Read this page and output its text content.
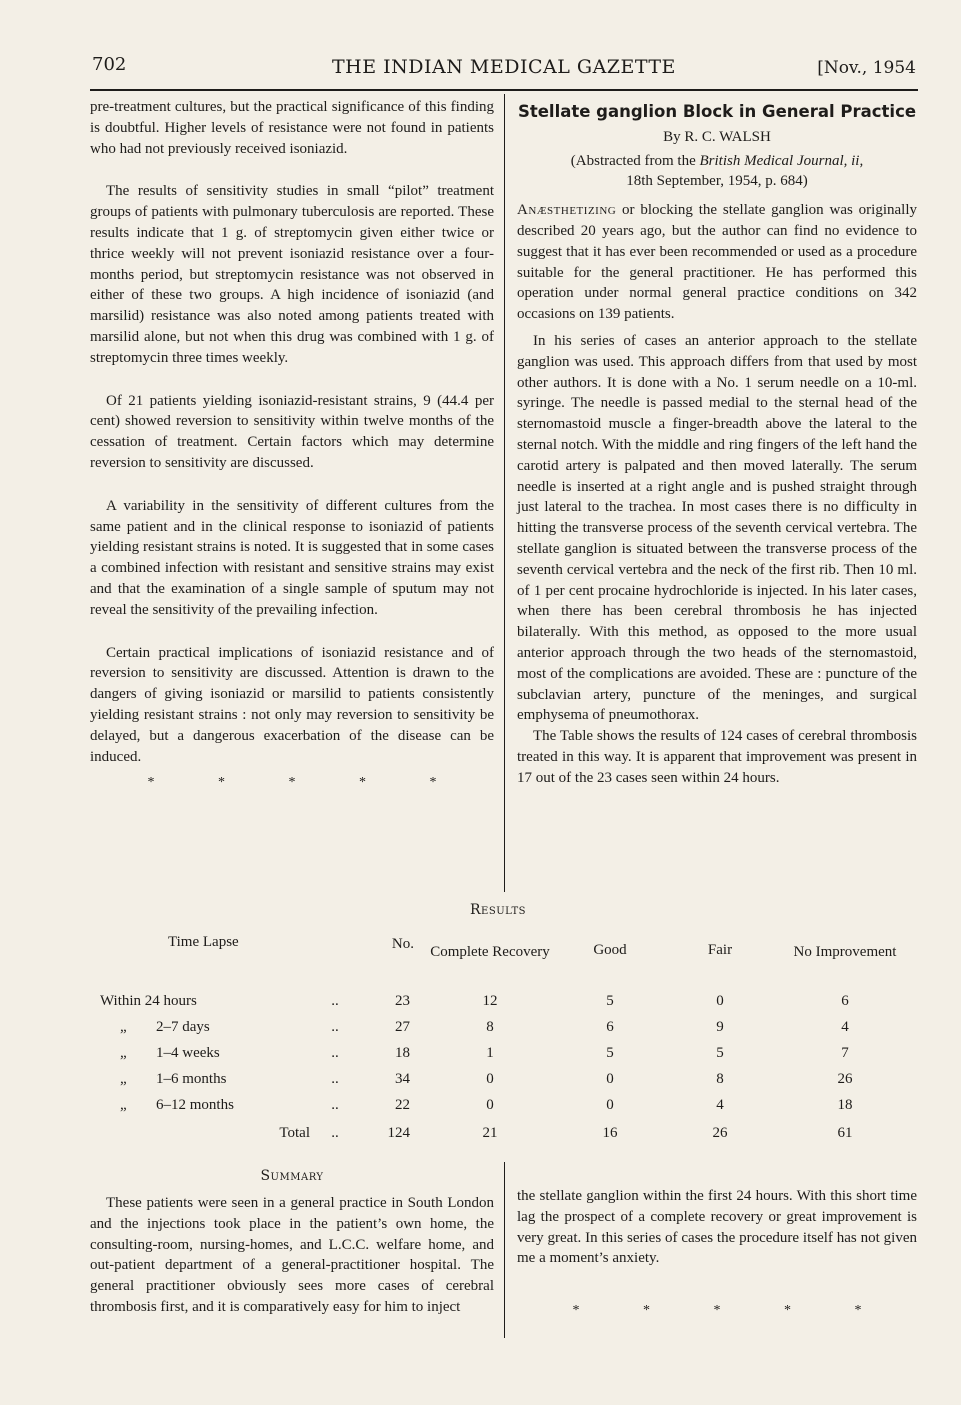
702	THE INDIAN MEDICAL GAZETTE	[Nov., 1954

pre-treatment cultures, but the practical significance of this finding is doubtful. Higher levels of resistance were not found in patients who had not previously received isoniazid.

The results of sensitivity studies in small “pilot” treatment groups of patients with pulmonary tuberculosis are reported. These results indicate that 1 g. of streptomycin given either twice or thrice weekly will not prevent isoniazid resistance over a four-months period, but streptomycin resistance was not observed in either of these two groups. A high incidence of isoniazid (and marsilid) resistance was also noted among patients treated with marsilid alone, but not when this drug was combined with 1 g. of streptomycin three times weekly.

Of 21 patients yielding isoniazid-resistant strains, 9 (44.4 per cent) showed reversion to sensitivity within twelve months of the cessation of treatment. Certain factors which may determine reversion to sensitivity are discussed.

A variability in the sensitivity of different cultures from the same patient and in the clinical response to isoniazid of patients yielding resistant strains is noted. It is suggested that in some cases a combined infection with resistant and sensitive strains may exist and that the examination of a single sample of sputum may not reveal the sensitivity of the prevailing infection.

Certain practical implications of isoniazid resistance and of reversion to sensitivity are discussed. Attention is drawn to the dangers of giving isoniazid or marsilid to patients consistently yielding resistant strains : not only may reversion to sensitivity be delayed, but a dangerous exacerbation of the disease can be induced.

* * * * *

Stellate ganglion Block in General Practice
By R. C. WALSH
(Abstracted from the British Medical Journal, ii,
18th September, 1954, p. 684)

Anæsthetizing or blocking the stellate ganglion was originally described 20 years ago, but the author can find no evidence to suggest that it has ever been recommended or used as a procedure suitable for the general practitioner. He has performed this operation under normal general practice conditions on 342 occasions on 139 patients.

In his series of cases an anterior approach to the stellate ganglion was used. This approach differs from that used by most other authors. It is done with a No. 1 serum needle on a 10-ml. syringe. The needle is passed medial to the sternal head of the sternomastoid muscle a finger-breadth above the lateral to the sternal notch. With the middle and ring fingers of the left hand the carotid artery is palpated and then moved laterally. The serum needle is inserted at a right angle and is pushed straight through just lateral to the trachea. In most cases there is no difficulty in hitting the transverse process of the seventh cervical vertebra. The stellate ganglion is situated between the transverse process of the seventh cervical vertebra and the neck of the first rib. Then 10 ml. of 1 per cent procaine hydrochloride is injected. In his later cases, when there has been cerebral thrombosis he has injected bilaterally. With this method, as opposed to the more usual anterior approach through the two heads of the sternomastoid, most of the complications are avoided. These are : puncture of the subclavian artery, puncture of the meninges, and surgical emphysema of pneumothorax.

The Table shows the results of 124 cases of cerebral thrombosis treated in this way. It is apparent that improvement was present in 17 out of the 23 cases seen within 24 hours.

Results
Time Lapse		No.	Complete Recovery	Good	Fair	No Improvement
Within 24 hours	..	23	12	5	0	6
„ 2–7 days	..	27	8	6	9	4
„ 1–4 weeks	..	18	1	5	5	7
„ 1–6 months	..	34	0	0	8	26
„ 6–12 months	..	22	0	0	4	18
Total	..	124	21	16	26	61
Summary

These patients were seen in a general practice in South London and the injections took place in the patient’s own home, the consulting-room, nursing-homes, and L.C.C. welfare home, and out-patient department of a general-practitioner hospital. The general practitioner obviously sees more cases of cerebral thrombosis first, and it is comparatively easy for him to inject

the stellate ganglion within the first 24 hours. With this short time lag the prospect of a complete recovery or great improvement is very great. In this series of cases the procedure itself has not given me a moment’s anxiety.

* * * * *
